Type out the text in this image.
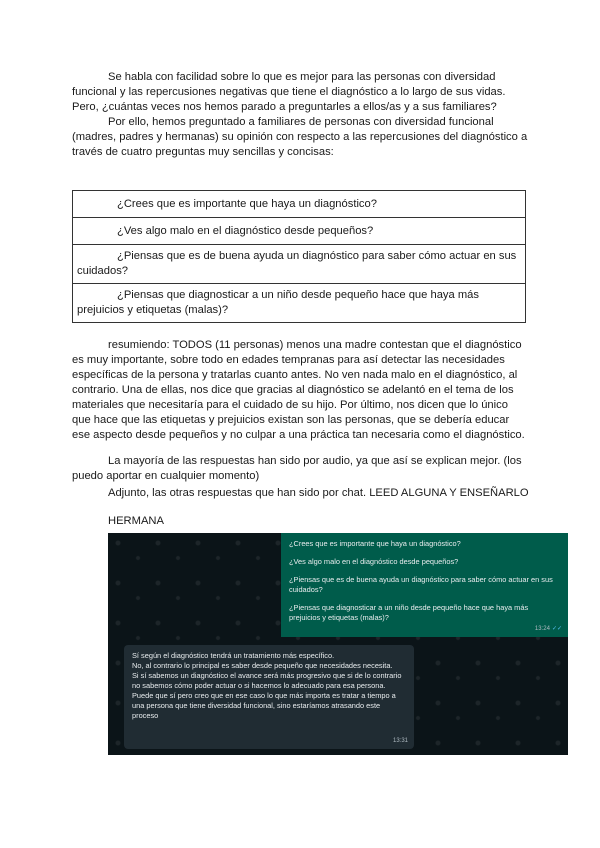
Se habla con facilidad sobre lo que es mejor para las personas con diversidad funcional y las repercusiones negativas que tiene el diagnóstico a lo largo de sus vidas. Pero, ¿cuántas veces nos hemos parado a preguntarles a ellos/as y a sus familiares?
Por ello, hemos preguntado a familiares de personas con diversidad funcional (madres, padres y hermanas) su opinión con respecto a las repercusiones del diagnóstico a través de cuatro preguntas muy sencillas y concisas:
¿Crees que es importante que haya un diagnóstico?

¿Ves algo malo en el diagnóstico desde pequeños?

¿Piensas que es de buena ayuda un diagnóstico para saber cómo actuar en sus cuidados?

¿Piensas que diagnosticar a un niño desde pequeño hace que haya más prejuicios y etiquetas (malas)?
resumiendo: TODOS (11 personas) menos una madre contestan que el diagnóstico es muy importante, sobre todo en edades tempranas para así detectar las necesidades específicas de la persona y tratarlas cuanto antes. No ven nada malo en el diagnóstico, al contrario. Una de ellas, nos dice que gracias al diagnóstico se adelantó en el tema de los materiales que necesitaría para el cuidado de su hijo. Por último, nos dicen que lo único que hace que las etiquetas y prejuicios existan son las personas, que se debería educar ese aspecto desde pequeños y no culpar a una práctica tan necesaria como el diagnóstico.
La mayoría de las respuestas han sido por audio, ya que así se explican mejor. (los puedo aportar en cualquier momento)
Adjunto, las otras respuestas que han sido por chat. LEED ALGUNA Y ENSEÑARLO
HERMANA

¿Crees que es importante que haya un diagnóstico?

¿Ves algo malo en el diagnóstico desde pequeños?

¿Piensas que es de buena ayuda un diagnóstico para saber cómo actuar en sus cuidados?

¿Piensas que diagnosticar a un niño desde pequeño hace que haya más prejuicios y etiquetas (malas)?

13:24 ✓✓

Sí según el diagnóstico tendrá un tratamiento más específico.

No, al contrario lo principal es saber desde pequeño que necesidades necesita.

Si sí sabemos un diagnóstico el avance será más progresivo que si de lo contrario no sabemos cómo poder actuar o si hacemos lo adecuado para esa persona.

Puede que sí pero creo que en ese caso lo que más importa es tratar a tiempo a una persona que tiene diversidad funcional, sino estaríamos atrasando este proceso

13:31
